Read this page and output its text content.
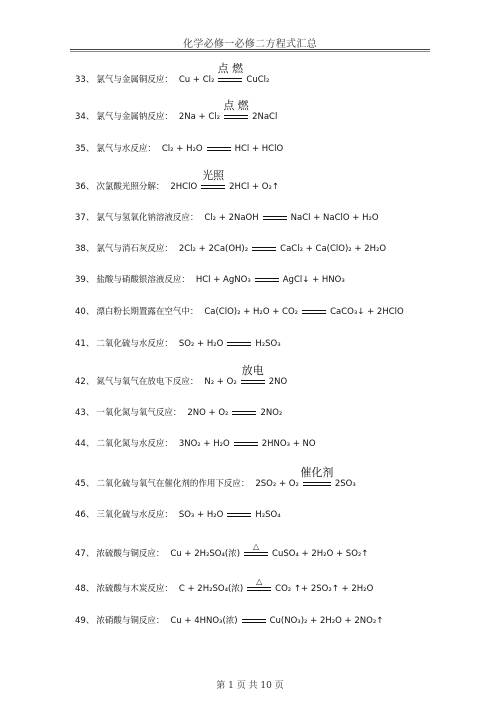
化学必修一必修二方程式汇总
33、 氯气与金属铜反应： Cu + Cl₂
点 燃
CuCl₂
34、 氯气与金属钠反应： 2Na + Cl₂
点 燃
2NaCl
35、 氯气与水反应： Cl₂ + H₂O	HCl + HClO
36、 次氯酸光照分解： 2HClO
光照
2HCl + O₂↑
37、 氯气与氢氧化钠溶液反应： Cl₂ + 2NaOH	NaCl + NaClO + H₂O
38、 氯气与消石灰反应： 2Cl₂ + 2Ca(OH)₂	CaCl₂ + Ca(ClO)₂ + 2H₂O
39、 盐酸与硝酸银溶液反应： HCl + AgNO₃	AgCl↓ + HNO₃
40、 漂白粉长期置露在空气中： Ca(ClO)₂ + H₂O + CO₂	CaCO₃↓ + 2HClO
41、 二氧化硫与水反应： SO₂ + H₂O	H₂SO₃
42、 氮气与氧气在放电下反应： N₂ + O₂
放电
2NO
43、 一氧化氮与氧气反应： 2NO + O₂	2NO₂
44、 二氧化氮与水反应： 3NO₂ + H₂O	2HNO₃ + NO
45、 二氧化硫与氧气在催化剂的作用下反应： 2SO₂ + O₂
催化剂
2SO₃
46、 三氧化硫与水反应： SO₃ + H₂O	H₂SO₄
47、 浓硫酸与铜反应： Cu + 2H₂SO₄(浓)
△
CuSO₄ + 2H₂O + SO₂↑
48、 浓硫酸与木炭反应： C + 2H₂SO₄(浓)
△
CO₂ ↑+ 2SO₂↑ + 2H₂O
49、 浓硝酸与铜反应： Cu + 4HNO₃(浓)	Cu(NO₃)₂ + 2H₂O + 2NO₂↑
第 1 页 共 10 页
